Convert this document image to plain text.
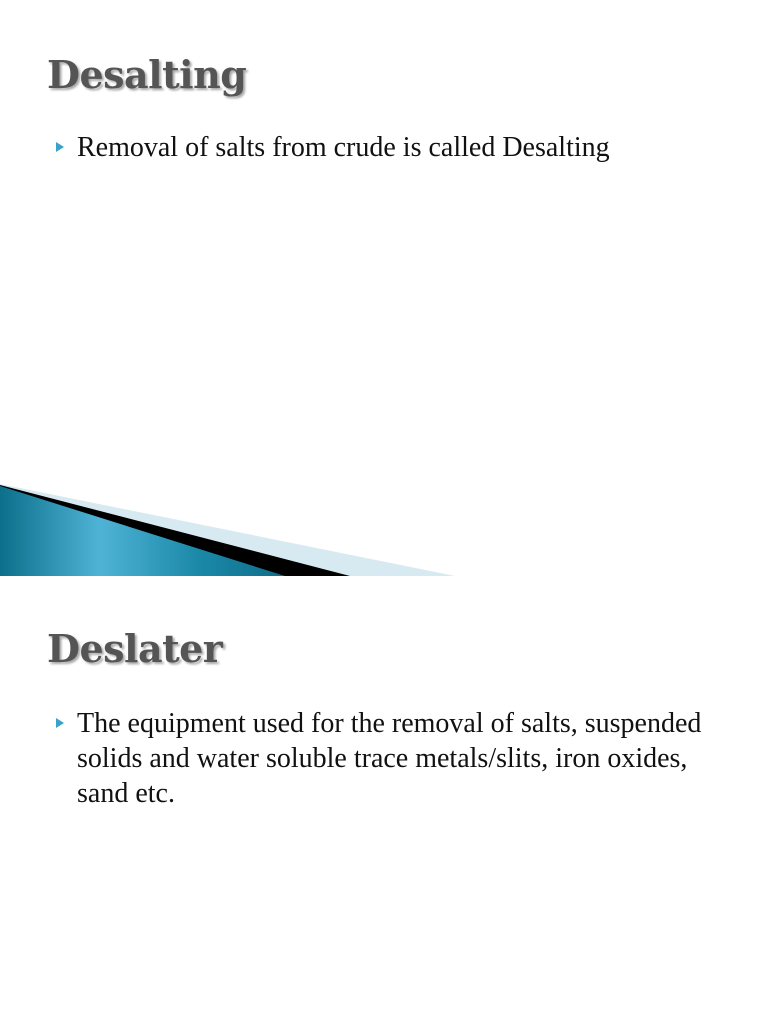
Desalting
Removal of salts from crude is called Desalting
Deslater
The equipment used for the removal of salts, suspended solids and water soluble trace metals/slits, iron oxides, sand etc.
